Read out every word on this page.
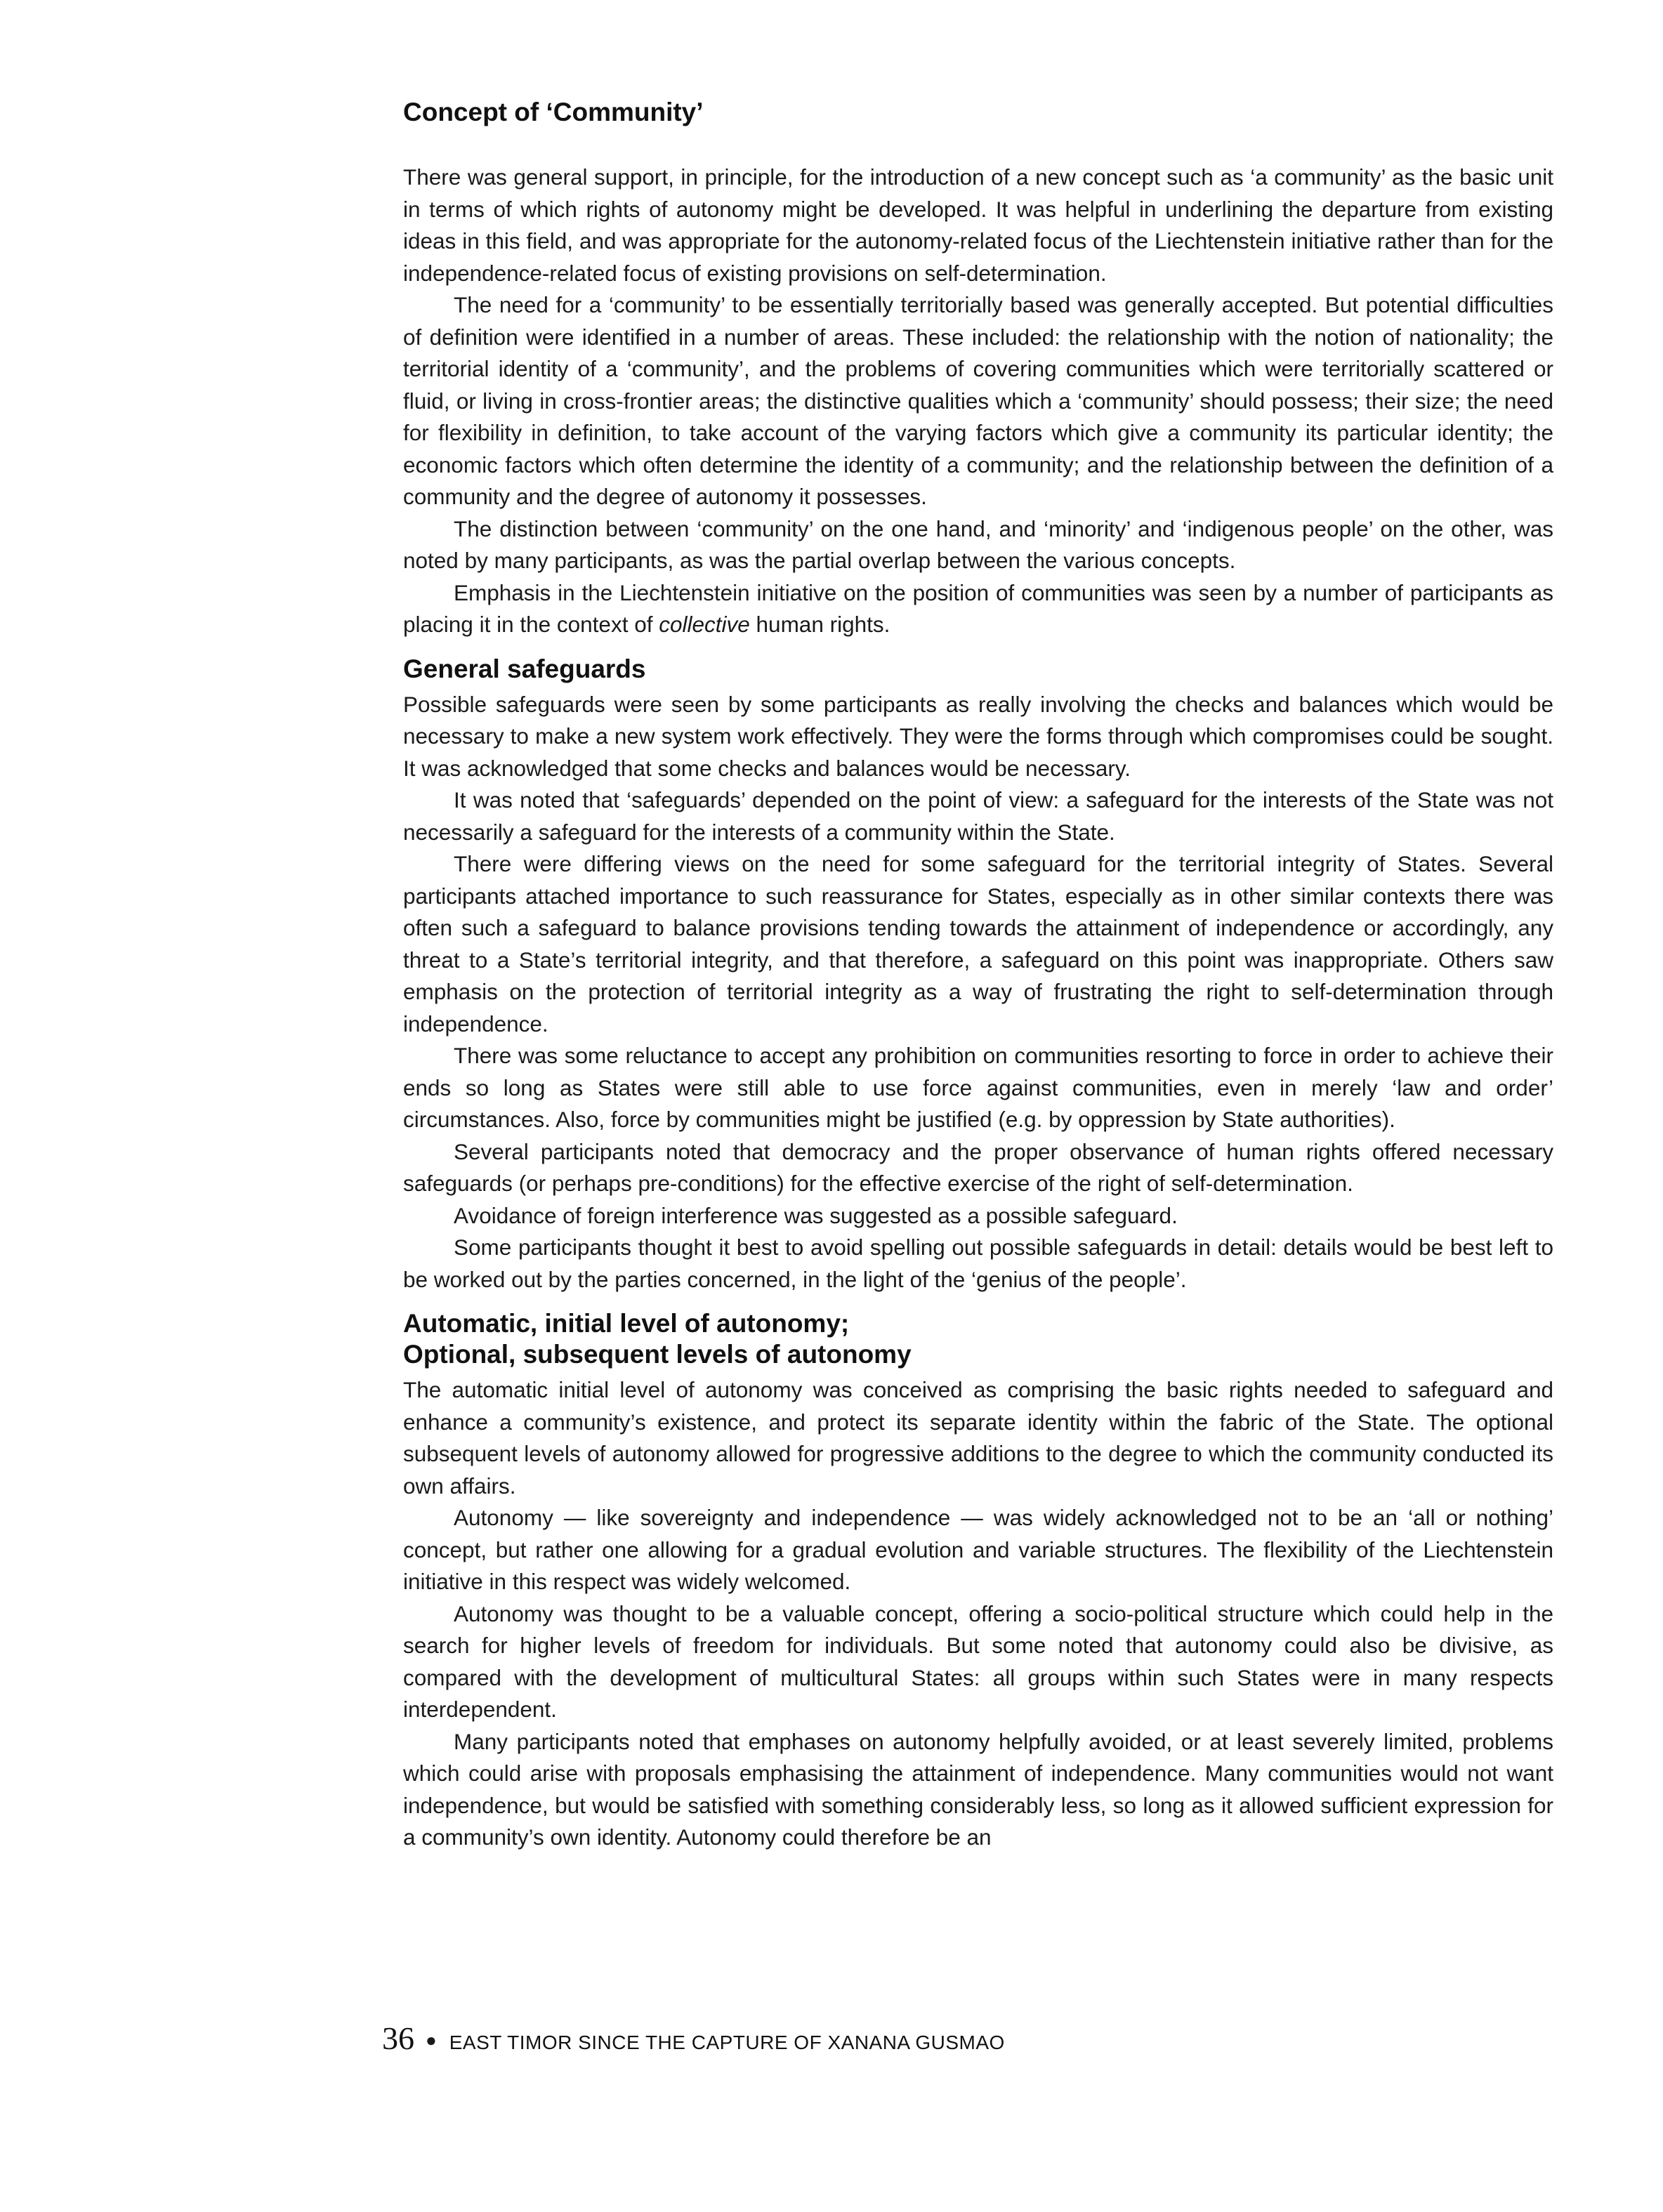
Concept of ‘Community’

There was general support, in principle, for the introduction of a new concept such as ‘a community’ as the basic unit in terms of which rights of autonomy might be developed. It was helpful in underlining the departure from existing ideas in this field, and was appropriate for the autonomy-related focus of the Liechtenstein initiative rather than for the independence-related focus of existing provisions on self-determination.

The need for a ‘community’ to be essentially territorially based was generally accepted. But potential difficulties of definition were identified in a number of areas. These included: the relationship with the notion of nationality; the territorial identity of a ‘community’, and the problems of covering communities which were territorially scattered or fluid, or living in cross-frontier areas; the distinctive qualities which a ‘community’ should possess; their size; the need for flexibility in definition, to take account of the varying factors which give a community its particular identity; the economic factors which often determine the identity of a community; and the relationship between the definition of a community and the degree of autonomy it possesses.

The distinction between ‘community’ on the one hand, and ‘minority’ and ‘indigenous people’ on the other, was noted by many participants, as was the partial overlap between the various concepts.

Emphasis in the Liechtenstein initiative on the position of communities was seen by a number of participants as placing it in the context of collective human rights.

General safeguards

Possible safeguards were seen by some participants as really involving the checks and balances which would be necessary to make a new system work effectively. They were the forms through which compromises could be sought. It was acknowledged that some checks and balances would be necessary.

It was noted that ‘safeguards’ depended on the point of view: a safeguard for the interests of the State was not necessarily a safeguard for the interests of a community within the State.

There were differing views on the need for some safeguard for the territorial integrity of States. Several participants attached importance to such reassurance for States, especially as in other similar contexts there was often such a safeguard to balance provisions tending towards the attainment of independence or accordingly, any threat to a State’s territorial integrity, and that therefore, a safeguard on this point was inappropriate. Others saw emphasis on the protection of territorial integrity as a way of frustrating the right to self-determination through independence.

There was some reluctance to accept any prohibition on communities resorting to force in order to achieve their ends so long as States were still able to use force against communities, even in merely ‘law and order’ circumstances. Also, force by communities might be justified (e.g. by oppression by State authorities).

Several participants noted that democracy and the proper observance of human rights offered necessary safeguards (or perhaps pre-conditions) for the effective exercise of the right of self-determination.

Avoidance of foreign interference was suggested as a possible safeguard.

Some participants thought it best to avoid spelling out possible safeguards in detail: details would be best left to be worked out by the parties concerned, in the light of the ‘genius of the people’.

Automatic, initial level of autonomy;
Optional, subsequent levels of autonomy

The automatic initial level of autonomy was conceived as comprising the basic rights needed to safeguard and enhance a community’s existence, and protect its separate identity within the fabric of the State. The optional subsequent levels of autonomy allowed for progressive additions to the degree to which the community conducted its own affairs.

Autonomy — like sovereignty and independence — was widely acknowledged not to be an ‘all or nothing’ concept, but rather one allowing for a gradual evolution and variable structures. The flexibility of the Liechtenstein initiative in this respect was widely welcomed.

Autonomy was thought to be a valuable concept, offering a socio-political structure which could help in the search for higher levels of freedom for individuals. But some noted that autonomy could also be divisive, as compared with the development of multicultural States: all groups within such States were in many respects interdependent.

Many participants noted that emphases on autonomy helpfully avoided, or at least severely limited, problems which could arise with proposals emphasising the attainment of independence. Many communities would not want independence, but would be satisfied with something considerably less, so long as it allowed sufficient expression for a community’s own identity. Autonomy could therefore be an

36 ● EAST TIMOR SINCE THE CAPTURE OF XANANA GUSMAO
